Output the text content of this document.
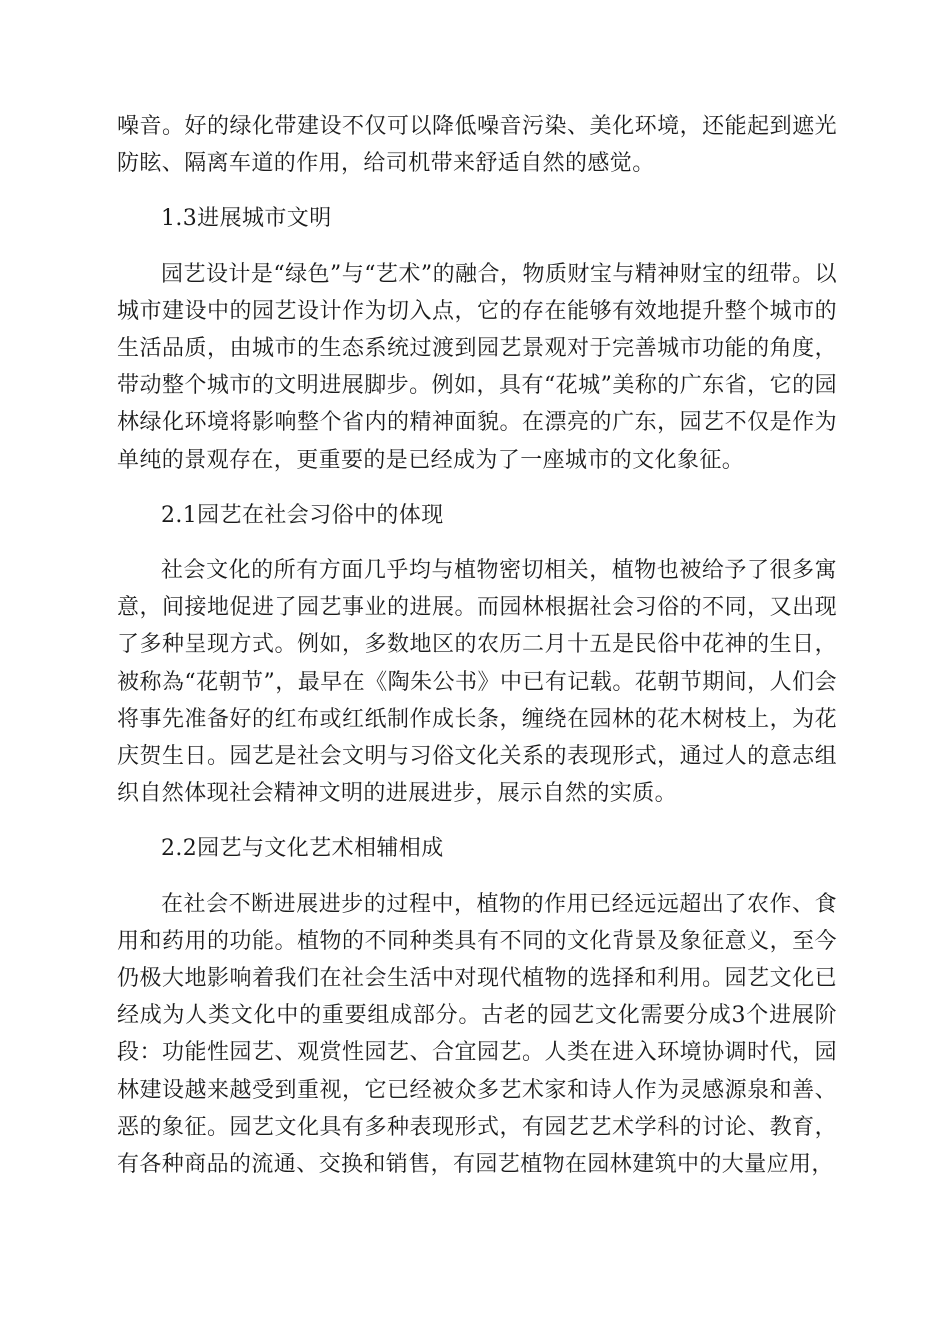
噪音。好的绿化带建设不仅可以降低噪音污染、美化环境，还能起到遮光防眩、隔离车道的作用，给司机带来舒适自然的感觉。

1.3进展城市文明

园艺设计是“绿色”与“艺术”的融合，物质财宝与精神财宝的纽带。以城市建设中的园艺设计作为切入点，它的存在能够有效地提升整个城市的生活品质，由城市的生态系统过渡到园艺景观对于完善城市功能的角度，带动整个城市的文明进展脚步。例如，具有“花城”美称的广东省，它的园林绿化环境将影响整个省内的精神面貌。在漂亮的广东，园艺不仅是作为单纯的景观存在，更重要的是已经成为了一座城市的文化象征。

2.1园艺在社会习俗中的体现

社会文化的所有方面几乎均与植物密切相关，植物也被给予了很多寓意，间接地促进了园艺事业的进展。而园林根据社会习俗的不同，又出现了多种呈现方式。例如，多数地区的农历二月十五是民俗中花神的生日，被称為“花朝节”，最早在《陶朱公书》中已有记载。花朝节期间，人们会将事先准备好的红布或红纸制作成长条，缠绕在园林的花木树枝上，为花庆贺生日。园艺是社会文明与习俗文化关系的表现形式，通过人的意志组织自然体现社会精神文明的进展进步，展示自然的实质。

2.2园艺与文化艺术相辅相成

在社会不断进展进步的过程中，植物的作用已经远远超出了农作、食用和药用的功能。植物的不同种类具有不同的文化背景及象征意义，至今仍极大地影响着我们在社会生活中对现代植物的选择和利用。园艺文化已经成为人类文化中的重要组成部分。古老的园艺文化需要分成3个进展阶段：功能性园艺、观赏性园艺、合宜园艺。人类在进入环境协调时代，园林建设越来越受到重视，它已经被众多艺术家和诗人作为灵感源泉和善、恶的象征。园艺文化具有多种表现形式，有园艺艺术学科的讨论、教育，有各种商品的流通、交换和销售，有园艺植物在园林建筑中的大量应用，
